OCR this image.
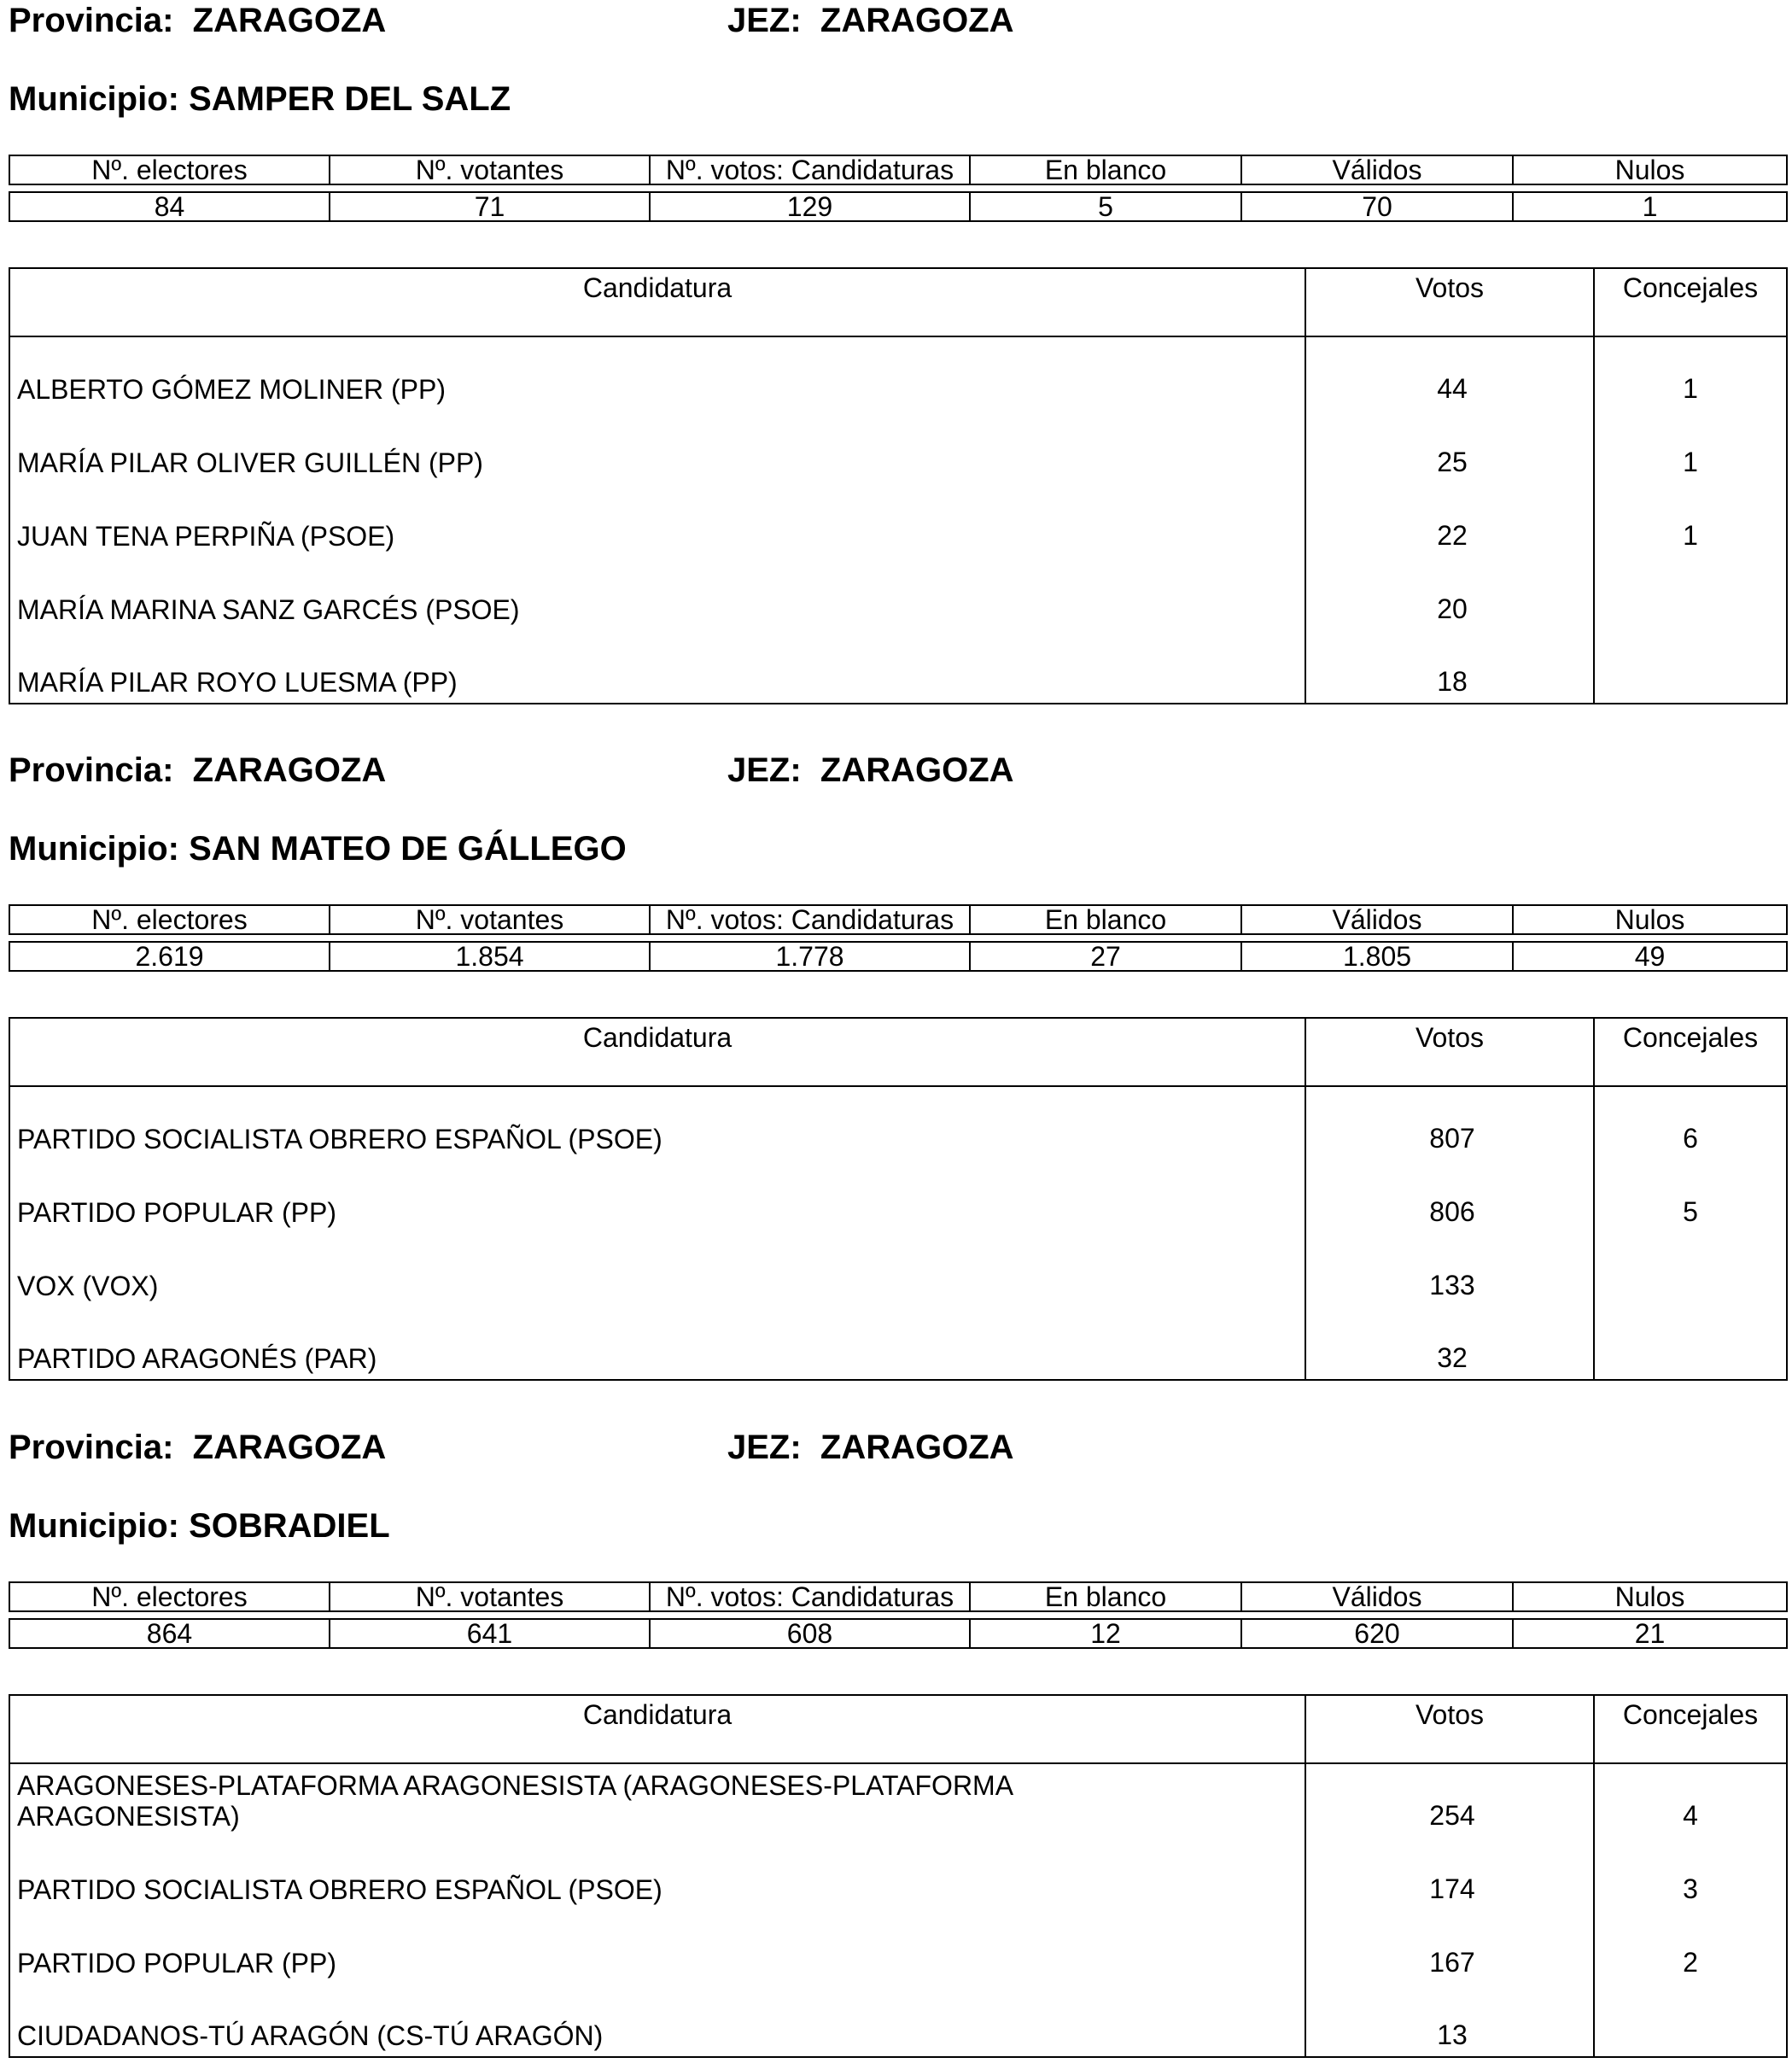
Provincia: ZARAGOZA	JEZ: ZARAGOZA
Municipio: SAMPER DEL SALZ
Nº. electores	Nº. votantes	Nº. votos: Candidaturas	En blanco	Válidos	Nulos

84	71	129	5	70	1
Candidatura	Votos	Concejales
ALBERTO GÓMEZ MOLINER (PP)	44	1
MARÍA PILAR OLIVER GUILLÉN (PP)	25	1
JUAN TENA PERPIÑA (PSOE)	22	1
MARÍA MARINA SANZ GARCÉS (PSOE)	20	
MARÍA PILAR ROYO LUESMA (PP)	18	
Provincia: ZARAGOZA	JEZ: ZARAGOZA
Municipio: SAN MATEO DE GÁLLEGO
Nº. electores	Nº. votantes	Nº. votos: Candidaturas	En blanco	Válidos	Nulos

2.619	1.854	1.778	27	1.805	49
Candidatura	Votos	Concejales
PARTIDO SOCIALISTA OBRERO ESPAÑOL (PSOE)	807	6
PARTIDO POPULAR (PP)	806	5
VOX (VOX)	133	
PARTIDO ARAGONÉS (PAR)	32	
Provincia: ZARAGOZA	JEZ: ZARAGOZA
Municipio: SOBRADIEL
Nº. electores	Nº. votantes	Nº. votos: Candidaturas	En blanco	Válidos	Nulos

864	641	608	12	620	21
Candidatura	Votos	Concejales
ARAGONESES-PLATAFORMA ARAGONESISTA (ARAGONESES-PLATAFORMA ARAGONESISTA)	254	4
PARTIDO SOCIALISTA OBRERO ESPAÑOL (PSOE)	174	3
PARTIDO POPULAR (PP)	167	2
CIUDADANOS-TÚ ARAGÓN (CS-TÚ ARAGÓN)	13	
